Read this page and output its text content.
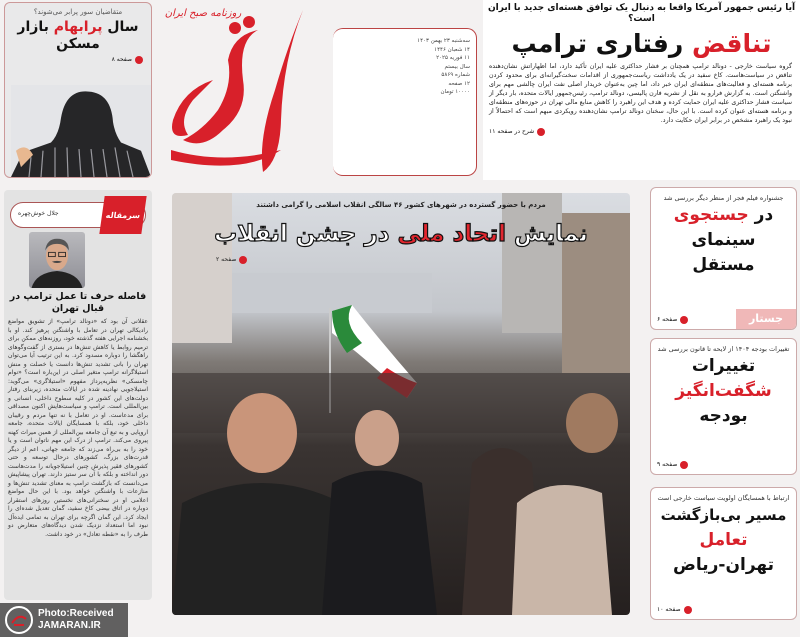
متقاضیان سور پرابر می‌شوند؟
سال پرابهام بازار مسکن
صفحه ۸
روزنامه صبح ایران
سه‌شنبه ۲۳ بهمن ۱۴۰۳
۱۴ شعبان ۱۴۴۶
۱۱ فوریه ۲۰۲۵
سال بیستم
شماره ۵۸۶۹
۱۲ صفحه
۱۰۰۰۰ تومان
آیا رئیس جمهور آمریکا واقعا به دنبال یک توافق هسته‌ای جدید با ایران است؟
تناقض رفتاری ترامپ
گروه سیاست خارجی - دونالد ترامپ همچنان بر فشار حداکثری علیه ایران تأکید دارد، اما اظهاراتش نشان‌دهنده تناقض در سیاست‌هاست. کاخ سفید در یک یادداشت ریاست‌جمهوری از اقدامات سخت‌گیرانه‌ای برای محدود کردن برنامه هسته‌ای و فعالیت‌های منطقه‌ای ایران خبر داد، اما چین به‌عنوان خریدار اصلی نفت ایران چالشی مهم برای واشنگتن است. به گزارش فرارو به نقل از نشریه فارن پالیسی، دونالد ترامپ، رئیس‌جمهور ایالات متحده، بار دیگر از سیاست فشار حداکثری علیه ایران حمایت کرده و هدف این راهبرد را کاهش منابع مالی تهران در حوزه‌های منطقه‌ای و برنامه هسته‌ای عنوان کرده است. با این حال، سخنان دونالد ترامپ نشان‌دهنده رویکردی مبهم است که احتمالاً از نبود یک راهبرد مشخص در برابر ایران حکایت دارد.
شرح در صفحه ۱۱
سرمقاله
جلال خوش‌چهره
فاصله حرف تا عمل ترامپ در قبال تهران
عقلانی آن بود که «دونالد ترامپ» از تشویق مواضع رادیکالی تهران در تعامل با واشنگتن پرهیز کند. او با بخشنامه اجرایی هفته گذشته خود، روزنه‌های ممکن برای ترمیم روابط یا کاهش تنش‌ها در بستری از گفت‌وگوهای راهگشا را دوباره مسدود کرد. به این ترتیب آیا می‌توان تهران را بانی تشدید تنش‌ها دانست یا خصلت و منش استیلاگرانه ترامپ متغیر اصلی در این‌باره است؟ «نوام چامسکی» نظریه‌پرداز مفهوم «استیلاگری» می‌گوید: استیلاجویی نهادینه شده در ایالات متحده، زیربنای رفتار دولت‌های این کشور در کلیه سطوح داخلی، انسانی و بین‌المللی است. ترامپ و سیاست‌هایش اکنون مصداقی برای مدعاست. او در تعامل با نه تنها مردم و رقیبان داخلی خود، بلکه با همسایگان ایالات متحده، جامعه اروپایی و به تبع آن جامعه بین‌المللی از همین میراث کهنه پیروی می‌کند. ترامپ از درک این مهم ناتوان است و یا خود را به بی‌راه می‌زند که جامعه جهانی، اعم از دیگر قدرت‌های بزرگ، کشورهای درحال توسعه و حتی کشورهای فقیر پذیرش چنین استیلاجویانه را مدت‌هاست دور انداخته و بلکه با آن سر ستیز دارند. تهران پیشاپیش می‌دانست که بازگشت ترامپ به معنای تشدید تنش‌ها و منازعات با واشنگتن خواهد بود. با این حال مواضع اعلامی او در سخنرانی‌های نخستین روزهای استقرار دوباره در اتاق بیضی کاخ سفید، گمان تعدیل شده‌ای را ایجاد کرد. این گمان اگرچه برای تهران به تمامی ایده‌آل نبود اما استعداد نزدیک شدن دیدگاه‌های متعارض دو طرف را به «نقطه تعادل» در خود داشت.
مردم با حضور گسترده در شهرهای کشور ۴۶ سالگی انقلاب اسلامی را گرامی داشتند
نمایش اتحاد ملی در جشن انقلاب
صفحه ۲
جشنواره فیلم فجر از منظر دیگر بررسی شد
در جستجوی
سینمای
مستقل
جستار
صفحه ۶
تغییرات بودجه ۱۴۰۴ از لایحه تا قانون بررسی شد
تغییرات
شگفت‌انگیز
بودجه
صفحه ۹
ارتباط با همسایگان اولویت سیاست خارجی است
مسیر بی‌بازگشت
تعامل
تهران-ریاض
صفحه ۱۰
Photo:Received
JAMARAN.IR
